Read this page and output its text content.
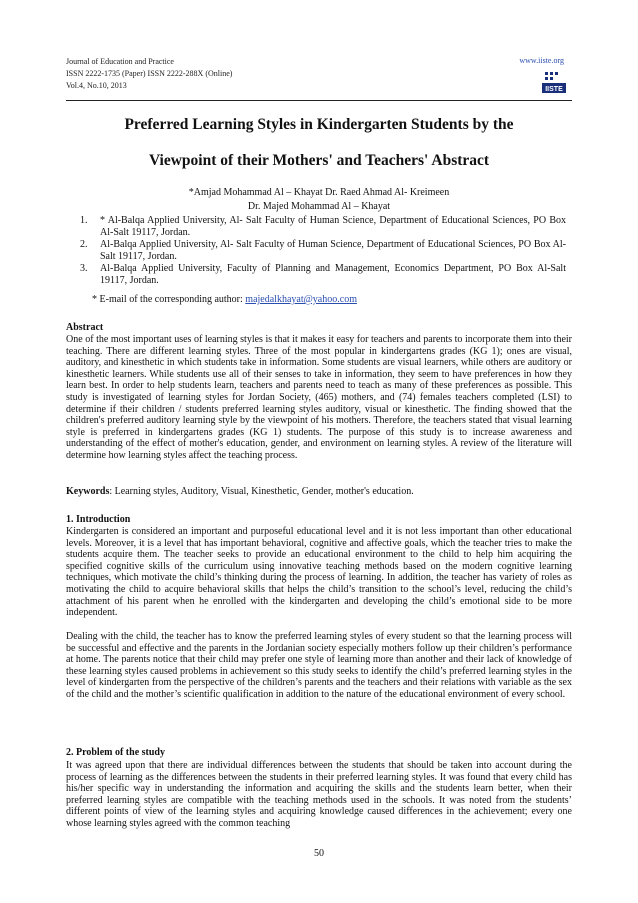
Journal of Education and Practice
ISSN 2222-1735 (Paper) ISSN 2222-288X (Online)
Vol.4, No.10, 2013
www.iiste.org
IISTE
Preferred Learning Styles in Kindergarten Students by the
Viewpoint of their Mothers' and Teachers' Abstract
*Amjad Mohammad Al – Khayat Dr. Raed Ahmad Al- Kreimeen
Dr. Majed Mohammad Al – Khayat
1.	* Al-Balqa Applied University, Al- Salt Faculty of Human Science, Department of Educational Sciences, PO Box Al-Salt 19117, Jordan.
2.	Al-Balqa Applied University, Al- Salt Faculty of Human Science, Department of Educational Sciences, PO Box Al-Salt 19117, Jordan.
3.	Al-Balqa Applied University, Faculty of Planning and Management, Economics Department, PO Box Al-Salt 19117, Jordan.
* E-mail of the corresponding author: majedalkhayat@yahoo.com
Abstract
One of the most important uses of learning styles is that it makes it easy for teachers and parents to incorporate them into their teaching. There are different learning styles. Three of the most popular in kindergartens grades (KG 1); ones are visual, auditory, and kinesthetic in which students take in information. Some students are visual learners, while others are auditory or kinesthetic learners. While students use all of their senses to take in information, they seem to have preferences in how they learn best. In order to help students learn, teachers and parents need to teach as many of these preferences as possible. This study is investigated of learning styles for Jordan Society, (465) mothers, and (74) females teachers completed (LSI) to determine if their children / students preferred learning styles auditory, visual or kinesthetic. The finding showed that the children's preferred auditory learning style by the viewpoint of his mothers. Therefore, the teachers stated that visual learning style is preferred in kindergartens grades (KG 1) students. The purpose of this study is to increase awareness and understanding of the effect of mother's education, gender, and environment on learning styles. A review of the literature will determine how learning styles affect the teaching process.
Keywords: Learning styles, Auditory, Visual, Kinesthetic, Gender, mother's education.
1. Introduction
Kindergarten is considered an important and purposeful educational level and it is not less important than other educational levels. Moreover, it is a level that has important behavioral, cognitive and affective goals, which the teacher tries to make the students acquire them. The teacher seeks to provide an educational environment to the child to help him acquiring the specified cognitive skills of the curriculum using innovative teaching methods based on the modern cognitive learning techniques, which motivate the child’s thinking during the process of learning. In addition, the teacher has variety of roles as motivating the child to acquire behavioral skills that helps the child’s transition to the school’s level, reducing the child’s attachment of his parent when he enrolled with the kindergarten and developing the child’s emotional side to be more independent.
Dealing with the child, the teacher has to know the preferred learning styles of every student so that the learning process will be successful and effective and the parents in the Jordanian society especially mothers follow up their children’s performance at home. The parents notice that their child may prefer one style of learning more than another and their lack of knowledge of these learning styles caused problems in achievement so this study seeks to identify the child’s preferred learning styles in the level of kindergarten from the perspective of the children’s parents and the teachers and their relations with variable as the sex of the child and the mother’s scientific qualification in addition to the nature of the educational environment of every school.
2. Problem of the study
It was agreed upon that there are individual differences between the students that should be taken into account during the process of learning as the differences between the students in their preferred learning styles. It was found that every child has his/her specific way in understanding the information and acquiring the skills and the students learn better, when their preferred learning styles are compatible with the teaching methods used in the schools. It was noted from the students’ different points of view of the learning styles and acquiring knowledge caused differences in the achievement; every one whose learning styles agreed with the common teaching
50
